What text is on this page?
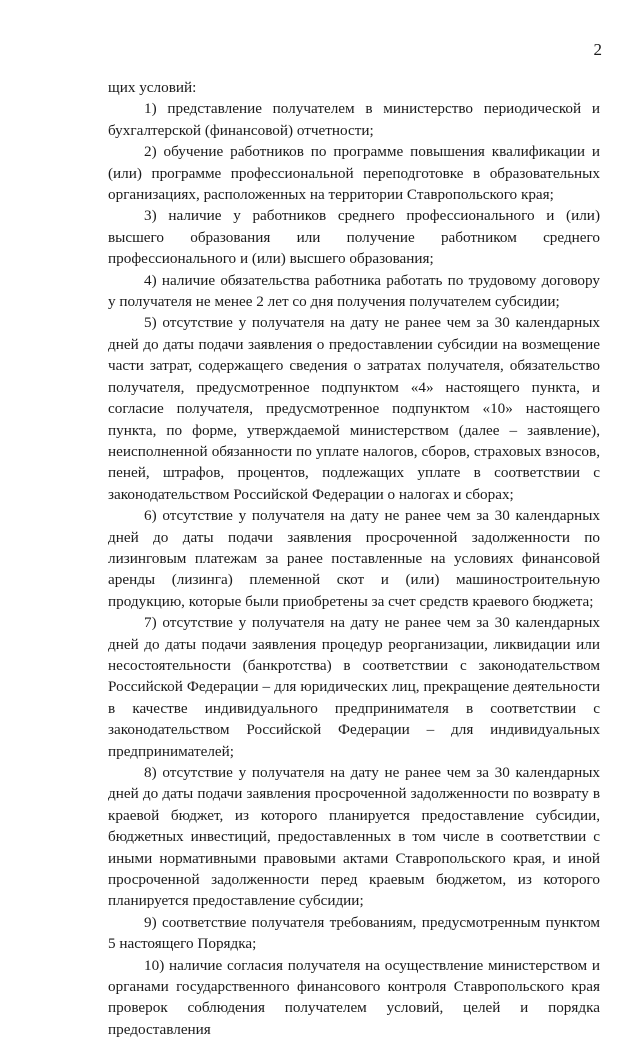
2

щих условий:

1) представление получателем в министерство периодической и бухгалтерской (финансовой) отчетности;

2) обучение работников по программе повышения квалификации и (или) программе профессиональной переподготовке в образовательных организациях, расположенных на территории Ставропольского края;

3) наличие у работников среднего профессионального и (или) высшего образования или получение работником среднего профессионального и (или) высшего образования;

4) наличие обязательства работника работать по трудовому договору у получателя не менее 2 лет со дня получения получателем субсидии;

5) отсутствие у получателя на дату не ранее чем за 30 календарных дней до даты подачи заявления о предоставлении субсидии на возмещение части затрат, содержащего сведения о затратах получателя, обязательство получателя, предусмотренное подпунктом «4» настоящего пункта, и согласие получателя, предусмотренное подпунктом «10» настоящего пункта, по форме, утверждаемой министерством (далее – заявление), неисполненной обязанности по уплате налогов, сборов, страховых взносов, пеней, штрафов, процентов, подлежащих уплате в соответствии с законодательством Российской Федерации о налогах и сборах;

6) отсутствие у получателя на дату не ранее чем за 30 календарных дней до даты подачи заявления просроченной задолженности по лизинговым платежам за ранее поставленные на условиях финансовой аренды (лизинга) племенной скот и (или) машиностроительную продукцию, которые были приобретены за счет средств краевого бюджета;

7) отсутствие у получателя на дату не ранее чем за 30 календарных дней до даты подачи заявления процедур реорганизации, ликвидации или несостоятельности (банкротства) в соответствии с законодательством Российской Федерации – для юридических лиц, прекращение деятельности в качестве индивидуального предпринимателя в соответствии с законодательством Российской Федерации – для индивидуальных предпринимателей;

8) отсутствие у получателя на дату не ранее чем за 30 календарных дней до даты подачи заявления просроченной задолженности по возврату в краевой бюджет, из которого планируется предоставление субсидии, бюджетных инвестиций, предоставленных в том числе в соответствии с иными нормативными правовыми актами Ставропольского края, и иной просроченной задолженности перед краевым бюджетом, из которого планируется предоставление субсидии;

9) соответствие получателя требованиям, предусмотренным пунктом 5 настоящего Порядка;

10) наличие согласия получателя на осуществление министерством и органами государственного финансового контроля Ставропольского края проверок соблюдения получателем условий, целей и порядка предоставления
